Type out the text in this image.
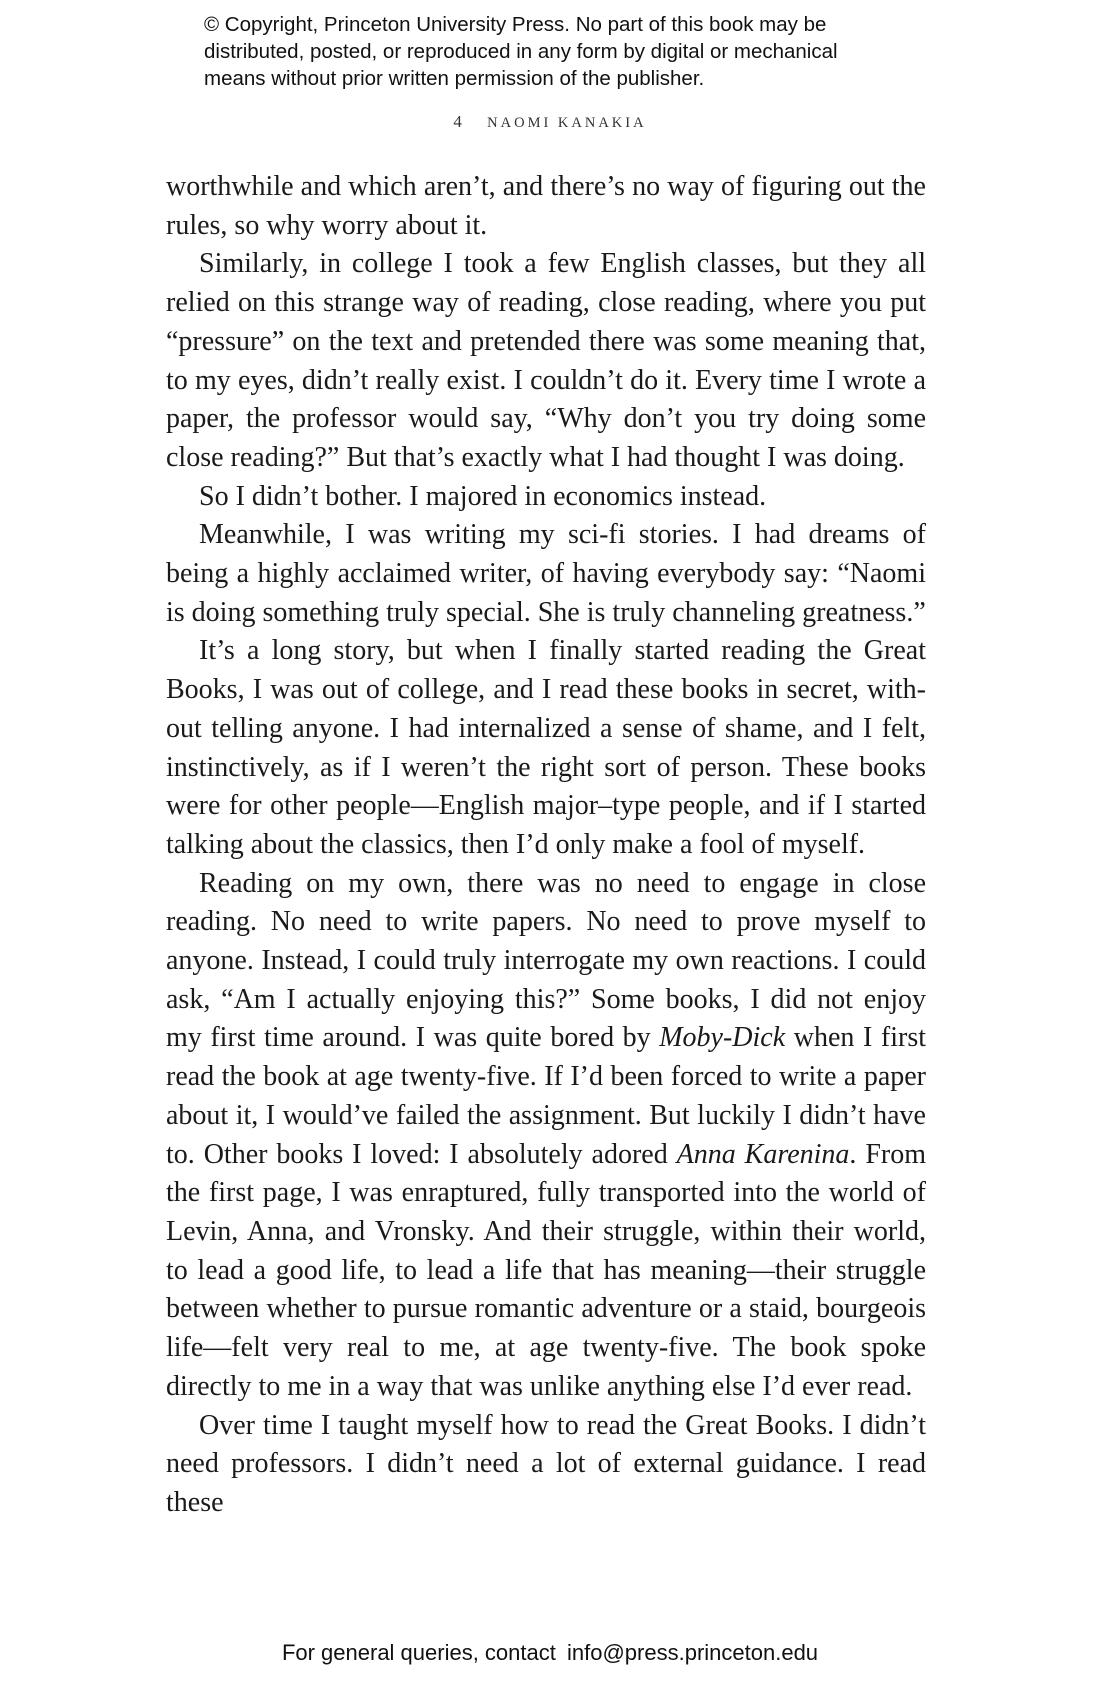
© Copyright, Princeton University Press. No part of this book may be
distributed, posted, or reproduced in any form by digital or mechanical
means without prior written permission of the publisher.
4 NAOMI KANAKIA

worthwhile and which aren’t, and there’s no way of figuring out the rules, so why worry about it.

Similarly, in college I took a few English classes, but they all relied on this strange way of reading, close reading, where you put “pressure” on the text and pretended there was some meaning that, to my eyes, didn’t really exist. I couldn’t do it. Every time I wrote a paper, the professor would say, “Why don’t you try doing some close reading?” But that’s exactly what I had thought I was doing.

So I didn’t bother. I majored in economics instead.

Meanwhile, I was writing my sci-fi stories. I had dreams of being a highly acclaimed writer, of having everybody say: “Naomi is doing something truly special. She is truly channeling greatness.”

It’s a long story, but when I finally started reading the Great Books, I was out of college, and I read these books in secret, without telling anyone. I had internalized a sense of shame, and I felt, instinctively, as if I weren’t the right sort of person. These books were for other people—English major–type people, and if I started talking about the classics, then I’d only make a fool of myself.

Reading on my own, there was no need to engage in close reading. No need to write papers. No need to prove myself to anyone. Instead, I could truly interrogate my own reactions. I could ask, “Am I actually enjoying this?” Some books, I did not enjoy my first time around. I was quite bored by Moby-Dick when I first read the book at age twenty-five. If I’d been forced to write a paper about it, I would’ve failed the assignment. But luckily I didn’t have to. Other books I loved: I absolutely adored Anna Karenina. From the first page, I was enraptured, fully transported into the world of Levin, Anna, and Vronsky. And their struggle, within their world, to lead a good life, to lead a life that has meaning—their struggle between whether to pursue romantic adventure or a staid, bourgeois life—felt very real to me, at age twenty-five. The book spoke directly to me in a way that was unlike anything else I’d ever read.

Over time I taught myself how to read the Great Books. I didn’t need professors. I didn’t need a lot of external guidance. I read these

For general queries, contact info@press.princeton.edu
